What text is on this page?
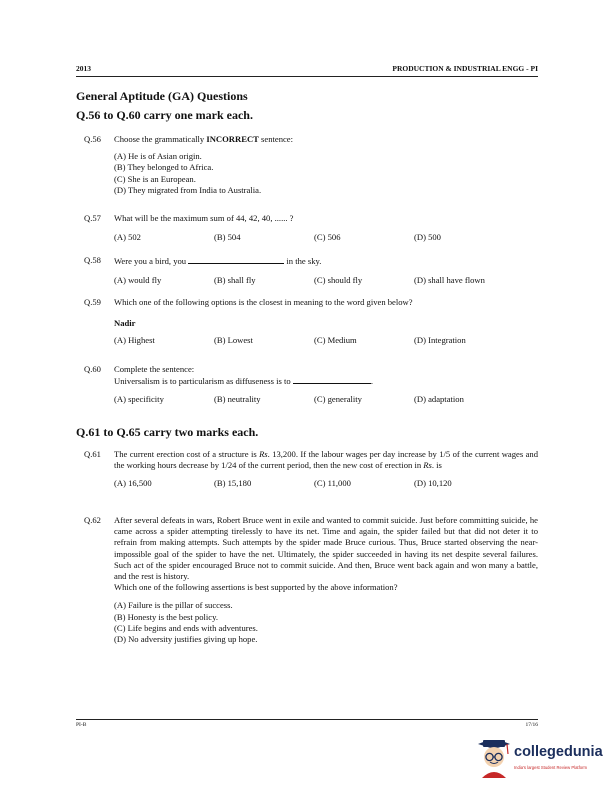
2013	PRODUCTION & INDUSTRIAL ENGG - PI
General Aptitude (GA) Questions
Q.56 to Q.60 carry one mark each.
Q.56 Choose the grammatically INCORRECT sentence:
(A) He is of Asian origin.
(B) They belonged to Africa.
(C) She is an European.
(D) They migrated from India to Australia.
Q.57 What will be the maximum sum of 44, 42, 40, ...... ?
(A) 502	(B) 504	(C) 506	(D) 500
Q.58 Were you a bird, you	in the sky.
(A) would fly	(B) shall fly	(C) should fly	(D) shall have flown
Q.59 Which one of the following options is the closest in meaning to the word given below?
Nadir
(A) Highest	(B) Lowest	(C) Medium	(D) Integration
Q.60 Complete the sentence:
Universalism is to particularism as diffuseness is to	.
(A) specificity	(B) neutrality	(C) generality	(D) adaptation
Q.61 to Q.65 carry two marks each.
Q.61 The current erection cost of a structure is Rs. 13,200. If the labour wages per day increase by 1/5 of the current wages and the working hours decrease by 1/24 of the current period, then the new cost of erection in Rs. is
(A) 16,500	(B) 15,180	(C) 11,000	(D) 10,120
Q.62 After several defeats in wars, Robert Bruce went in exile and wanted to commit suicide. Just before committing suicide, he came across a spider attempting tirelessly to have its net. Time and again, the spider failed but that did not deter it to refrain from making attempts. Such attempts by the spider made Bruce curious. Thus, Bruce started observing the near-impossible goal of the spider to have the net. Ultimately, the spider succeeded in having its net despite several failures. Such act of the spider encouraged Bruce not to commit suicide. And then, Bruce went back again and won many a battle, and the rest is history.
Which one of the following assertions is best supported by the above information?
(A) Failure is the pillar of success.
(B) Honesty is the best policy.
(C) Life begins and ends with adventures.
(D) No adversity justifies giving up hope.
PI-B	17/16
collegedunia
India's largest Student Review Platform
